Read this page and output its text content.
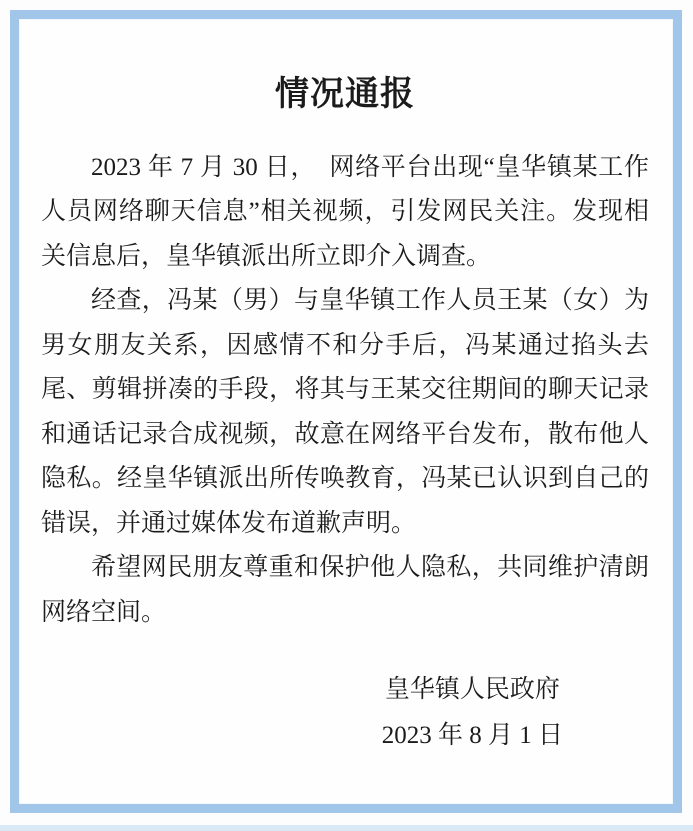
情况通报

2023 年 7 月 30 日，　网络平台出现“皇华镇某工作人员网络聊天信息”相关视频，引发网民关注。发现相关信息后，皇华镇派出所立即介入调查。

经查，冯某（男）与皇华镇工作人员王某（女）为男女朋友关系，因感情不和分手后，冯某通过掐头去尾、剪辑拼凑的手段，将其与王某交往期间的聊天记录和通话记录合成视频，故意在网络平台发布，散布他人隐私。经皇华镇派出所传唤教育，冯某已认识到自己的错误，并通过媒体发布道歉声明。

希望网民朋友尊重和保护他人隐私，共同维护清朗网络空间。

皇华镇人民政府
2023 年 8 月 1 日
